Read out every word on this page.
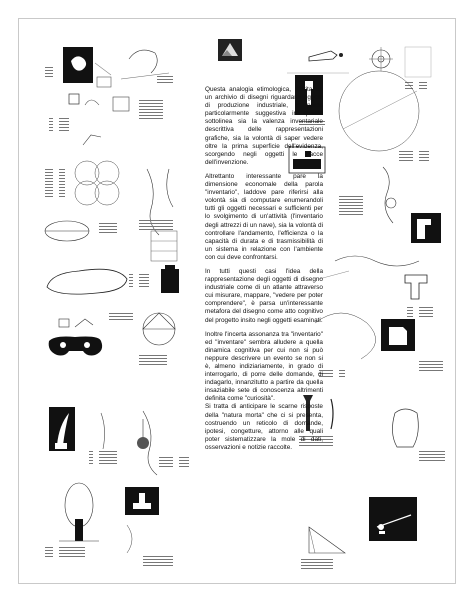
Questa analogia etimologica, riferita ad un archivio di disegni riguardanti oggetti di produzione industriale, è parsa particolarmente suggestiva in quanto sottolinea sia la valenza inventariale descrittiva delle rappresentazioni grafiche, sia la volontà di saper vedere oltre la prima superficie dell'evidenza, scorgendo negli oggetti le tracce dell'invenzione.

Altrettanto interessante pare la dimensione economale della parola "inventario", laddove pare riferirsi alla volontà sia di computare enumerandoli tutti gli oggetti necessari e sufficienti per lo svolgimento di un'attività (l'inventario degli attrezzi di un nave), sia la volontà di controllare l'andamento, l'efficienza o la capacità di durata e di trasmissibilità di un sistema in relazione con l'ambiente con cui deve confrontarsi.

In tutti questi casi l'idea della rappresentazione degli oggetti di disegno industriale come di un atlante attraverso cui misurare, mappare, "vedere per poter comprendere", è parsa un'interessante metafora del disegno come atto cognitivo del progetto insito negli oggetti esaminati.

Inoltre l'incerta assonanza tra "inventario" ed "inventare" sembra alludere a quella dinamica cognitiva per cui non si può neppure descrivere un evento se non si è, almeno indiziariamente, in grado di interrogarlo, di porre delle domande, di indagarlo, innanzitutto a partire da quella insaziabile sete di conoscenza altrimenti definita come "curiosità".

Si tratta di anticipare le scarne risposte della "natura morta" che ci si presenta, costruendo un reticolo di domande, ipotesi, congetture, attorno alle quali poter sistematizzare la mole di dati, osservazioni e notizie raccolte.
